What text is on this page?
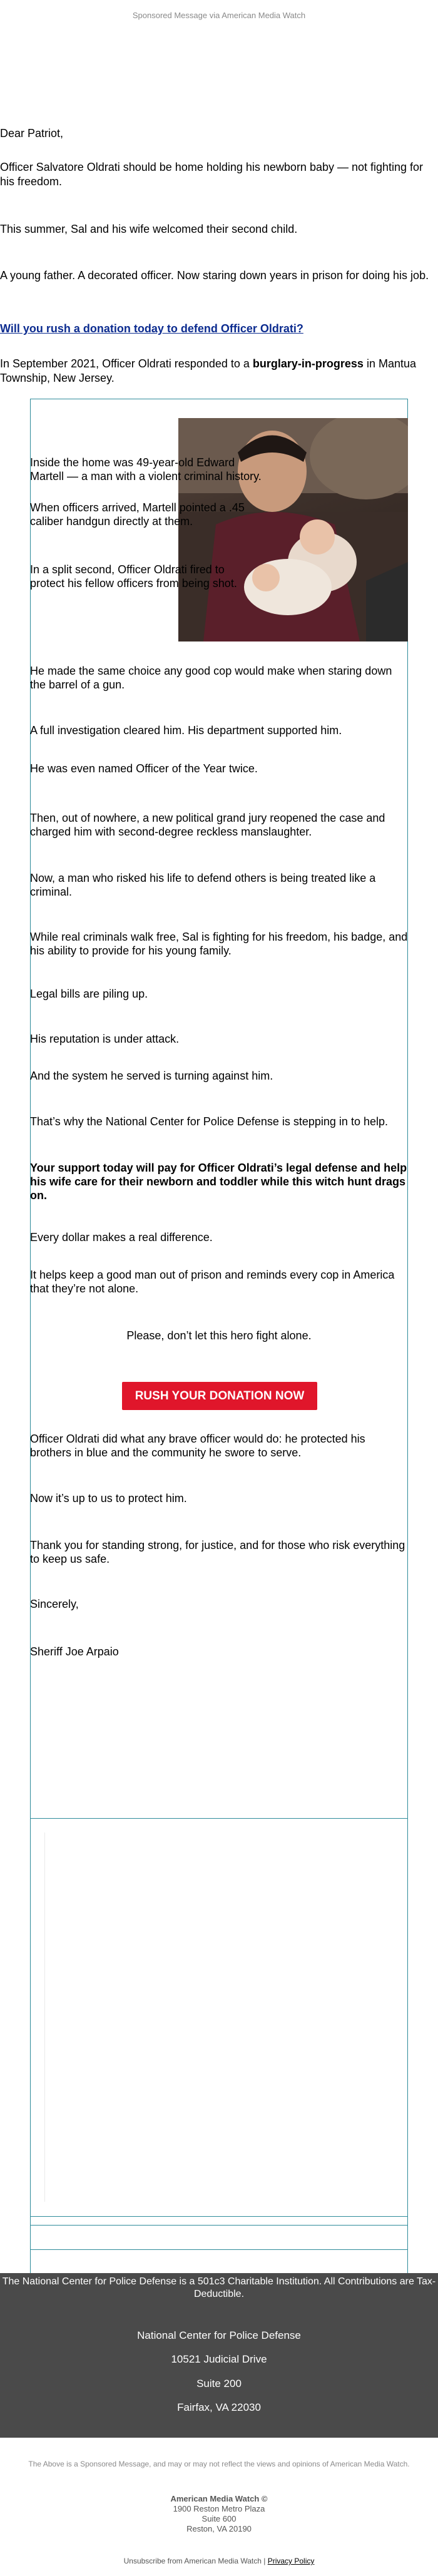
Sponsored Message via American Media Watch
Dear Patriot,
Officer Salvatore Oldrati should be home holding his newborn baby — not fighting for his freedom.
This summer, Sal and his wife welcomed their second child.
A young father. A decorated officer. Now staring down years in prison for doing his job.
Will you rush a donation today to defend Officer Oldrati?
In September 2021, Officer Oldrati responded to a burglary-in-progress in Mantua Township, New Jersey.
Inside the home was 49-year-old Edward Martell — a man with a violent criminal history.
When officers arrived, Martell pointed a .45 caliber handgun directly at them.
In a split second, Officer Oldrati fired to protect his fellow officers from being shot.
He made the same choice any good cop would make when staring down the barrel of a gun.
A full investigation cleared him. His department supported him.
He was even named Officer of the Year twice.
Then, out of nowhere, a new political grand jury reopened the case and charged him with second-degree reckless manslaughter.
Now, a man who risked his life to defend others is being treated like a criminal.
While real criminals walk free, Sal is fighting for his freedom, his badge, and his ability to provide for his young family.
Legal bills are piling up.
His reputation is under attack.
And the system he served is turning against him.
That’s why the National Center for Police Defense is stepping in to help.
Your support today will pay for Officer Oldrati’s legal defense and help his wife care for their newborn and toddler while this witch hunt drags on.
Every dollar makes a real difference.
It helps keep a good man out of prison and reminds every cop in America that they’re not alone.
Please, don’t let this hero fight alone.
RUSH YOUR DONATION NOW
Officer Oldrati did what any brave officer would do: he protected his brothers in blue and the community he swore to serve.
Now it’s up to us to protect him.
Thank you for standing strong, for justice, and for those who risk everything to keep us safe.
Sincerely,
Sheriff Joe Arpaio
The National Center for Police Defense is a 501c3 Charitable Institution. All Contributions are Tax-Deductible.
National Center for Police Defense
10521 Judicial Drive
Suite 200
Fairfax, VA 22030
The Above is a Sponsored Message, and may or may not reflect the views and opinions of American Media Watch.
American Media Watch ©
1900 Reston Metro Plaza
Suite 600
Reston, VA 20190
Unsubscribe from American Media Watch | Privacy Policy
